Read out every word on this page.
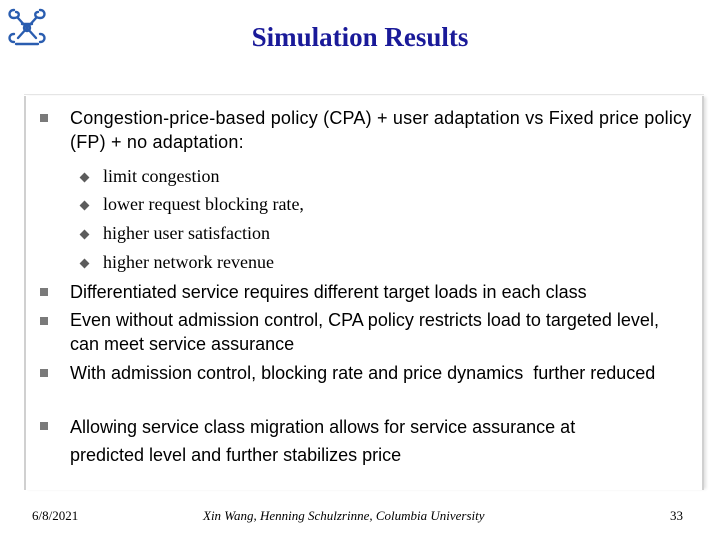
Simulation Results
Congestion-price-based policy (CPA) + user adaptation vs Fixed price policy (FP) + no adaptation:
limit congestion
lower request blocking rate,
higher user satisfaction
higher network revenue
Differentiated service requires different target loads in each class
Even without admission control, CPA policy restricts load to targeted level, can meet service assurance
With admission control, blocking rate and price dynamics  further reduced
Allowing service class migration allows for service assurance at predicted level and further stabilizes price
6/8/2021	Xin Wang, Henning Schulzrinne, Columbia University	33
